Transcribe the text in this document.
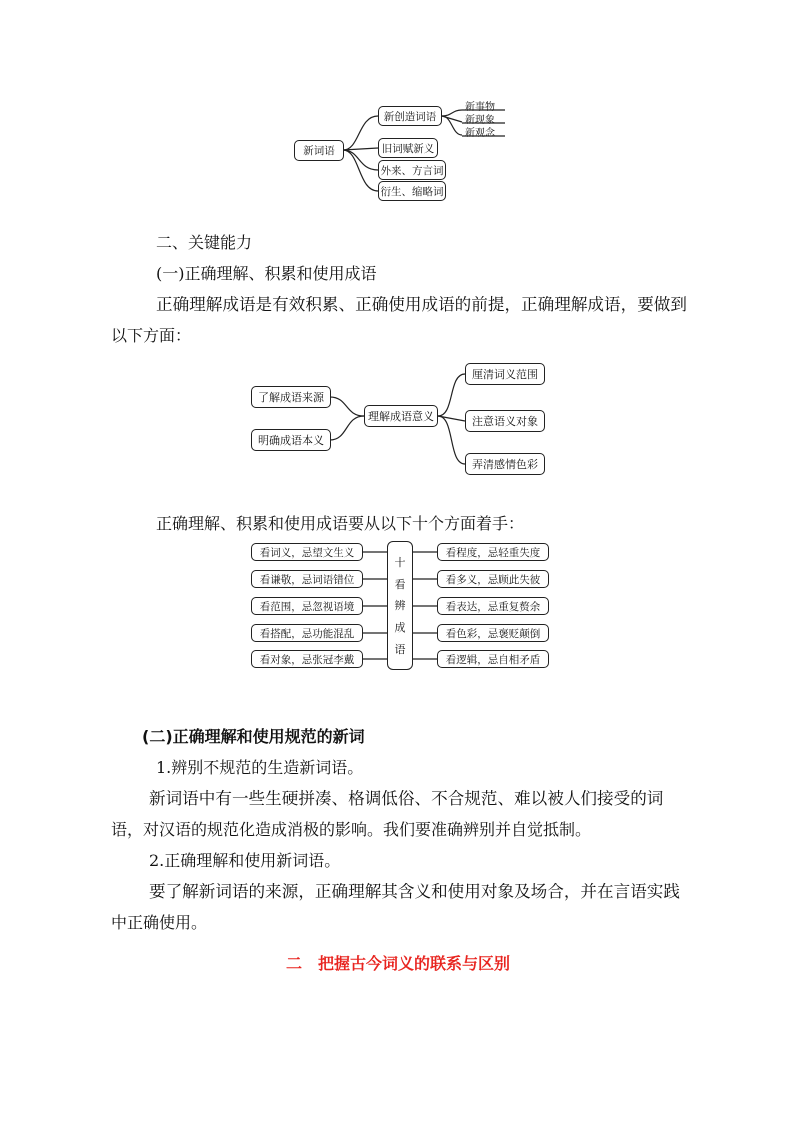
新词语
新创造词语
旧词赋新义
外来、方言词
衍生、缩略词
新事物
新现象
新观念
二、关键能力
(一)正确理解、积累和使用成语
正确理解成语是有效积累、正确使用成语的前提，正确理解成语，要做到
以下方面：
了解成语来源
明确成语本义
理解成语意义
厘清词义范围
注意语义对象
弄清感情色彩
正确理解、积累和使用成语要从以下十个方面着手：
看词义，忌望文生义
看谦敬，忌词语错位
看范围，忌忽视语境
看搭配，忌功能混乱
看对象，忌张冠李戴
十
看
辨
成
语
看程度，忌轻重失度
看多义，忌顾此失彼
看表达，忌重复赘余
看色彩，忌褒贬颠倒
看逻辑，忌自相矛盾
(二)正确理解和使用规范的新词
1.辨别不规范的生造新词语。
新词语中有一些生硬拼凑、格调低俗、不合规范、难以被人们接受的词
语，对汉语的规范化造成消极的影响。我们要准确辨别并自觉抵制。
2.正确理解和使用新词语。
要了解新词语的来源，正确理解其含义和使用对象及场合，并在言语实践
中正确使用。
二　把握古今词义的联系与区别
